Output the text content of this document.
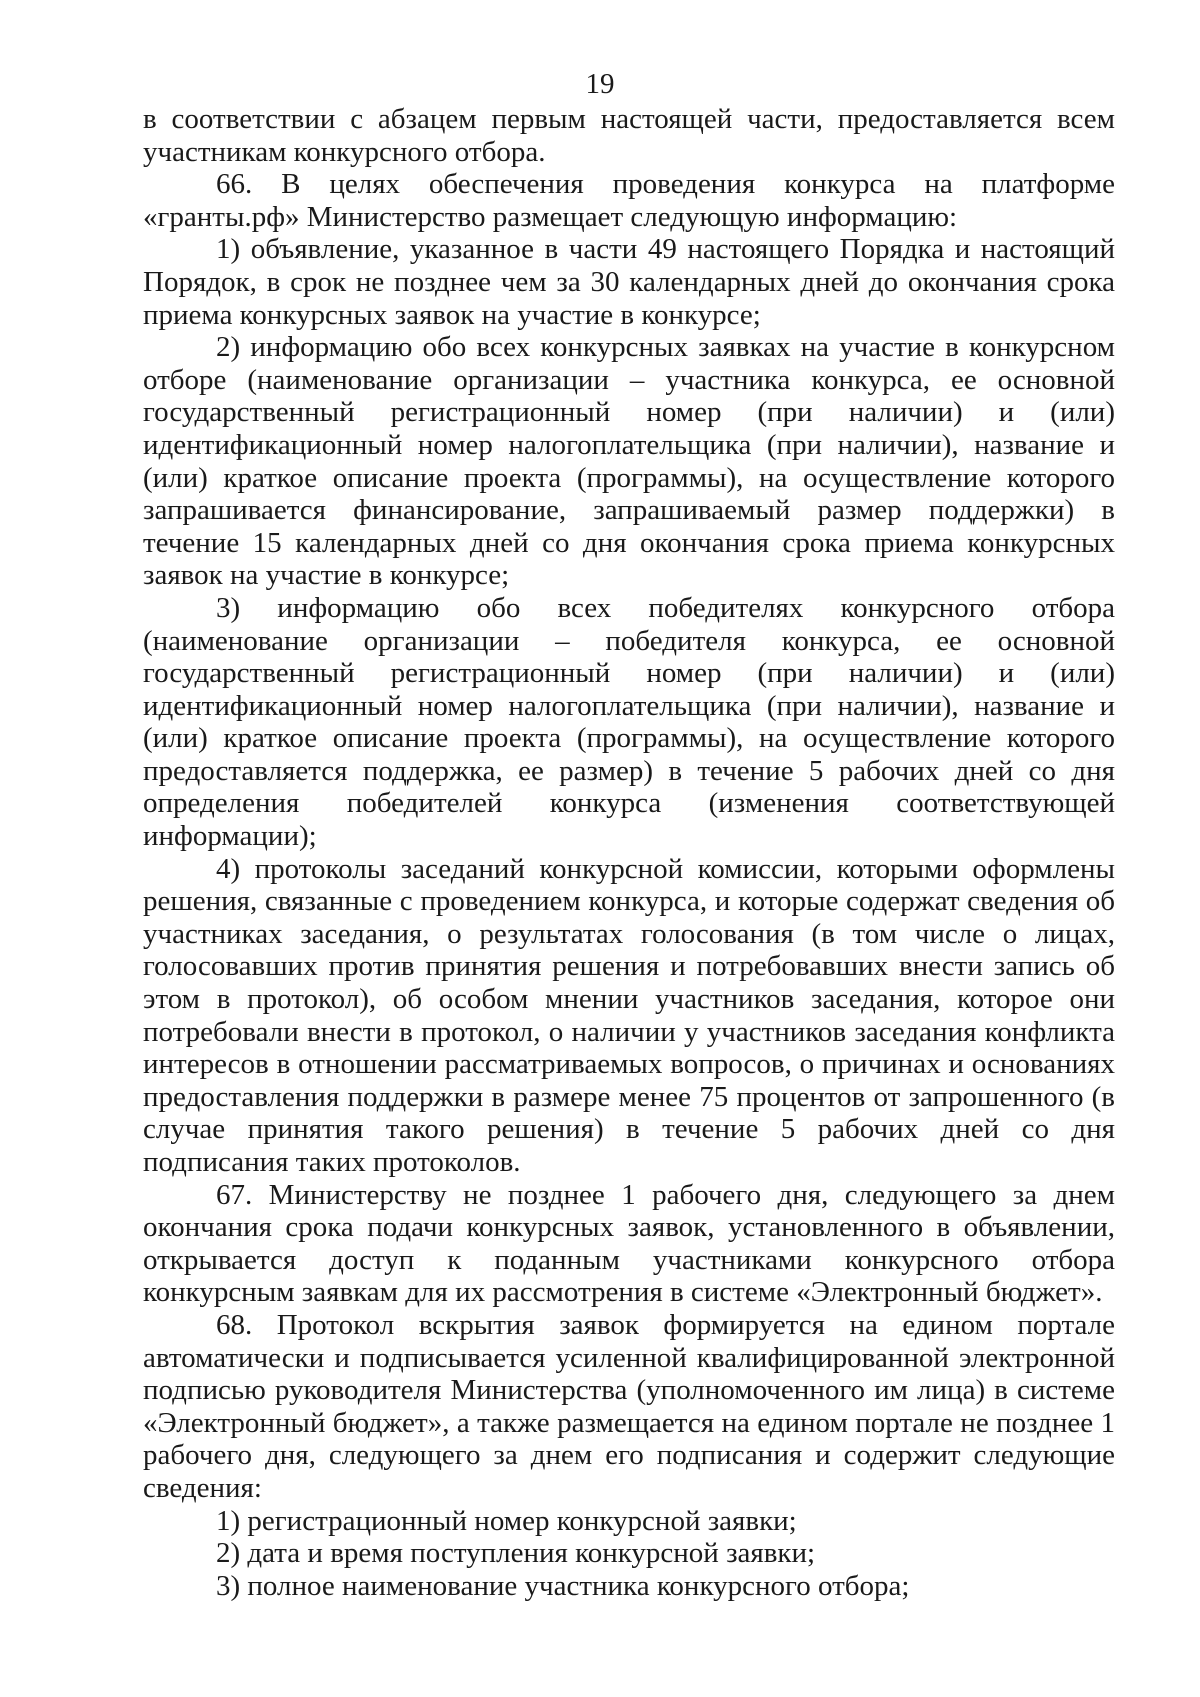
19

в соответствии с абзацем первым настоящей части, предоставляется всем участникам конкурсного отбора.

66. В целях обеспечения проведения конкурса на платформе «гранты.рф» Министерство размещает следующую информацию:

1) объявление, указанное в части 49 настоящего Порядка и настоящий Порядок, в срок не позднее чем за 30 календарных дней до окончания срока приема конкурсных заявок на участие в конкурсе;

2) информацию обо всех конкурсных заявках на участие в конкурсном отборе (наименование организации – участника конкурса, ее основной государственный регистрационный номер (при наличии) и (или) идентификационный номер налогоплательщика (при наличии), название и (или) краткое описание проекта (программы), на осуществление которого запрашивается финансирование, запрашиваемый размер поддержки) в течение 15 календарных дней со дня окончания срока приема конкурсных заявок на участие в конкурсе;

3) информацию обо всех победителях конкурсного отбора (наименование организации – победителя конкурса, ее основной государственный регистрационный номер (при наличии) и (или) идентификационный номер налогоплательщика (при наличии), название и (или) краткое описание проекта (программы), на осуществление которого предоставляется поддержка, ее размер) в течение 5 рабочих дней со дня определения победителей конкурса (изменения соответствующей информации);

4) протоколы заседаний конкурсной комиссии, которыми оформлены решения, связанные с проведением конкурса, и которые содержат сведения об участниках заседания, о результатах голосования (в том числе о лицах, голосовавших против принятия решения и потребовавших внести запись об этом в протокол), об особом мнении участников заседания, которое они потребовали внести в протокол, о наличии у участников заседания конфликта интересов в отношении рассматриваемых вопросов, о причинах и основаниях предоставления поддержки в размере менее 75 процентов от запрошенного (в случае принятия такого решения) в течение 5 рабочих дней со дня подписания таких протоколов.

67. Министерству не позднее 1 рабочего дня, следующего за днем окончания срока подачи конкурсных заявок, установленного в объявлении, открывается доступ к поданным участниками конкурсного отбора конкурсным заявкам для их рассмотрения в системе «Электронный бюджет».

68. Протокол вскрытия заявок формируется на едином портале автоматически и подписывается усиленной квалифицированной электронной подписью руководителя Министерства (уполномоченного им лица) в системе «Электронный бюджет», а также размещается на едином портале не позднее 1 рабочего дня, следующего за днем его подписания и содержит следующие сведения:

1) регистрационный номер конкурсной заявки;

2) дата и время поступления конкурсной заявки;

3) полное наименование участника конкурсного отбора;
